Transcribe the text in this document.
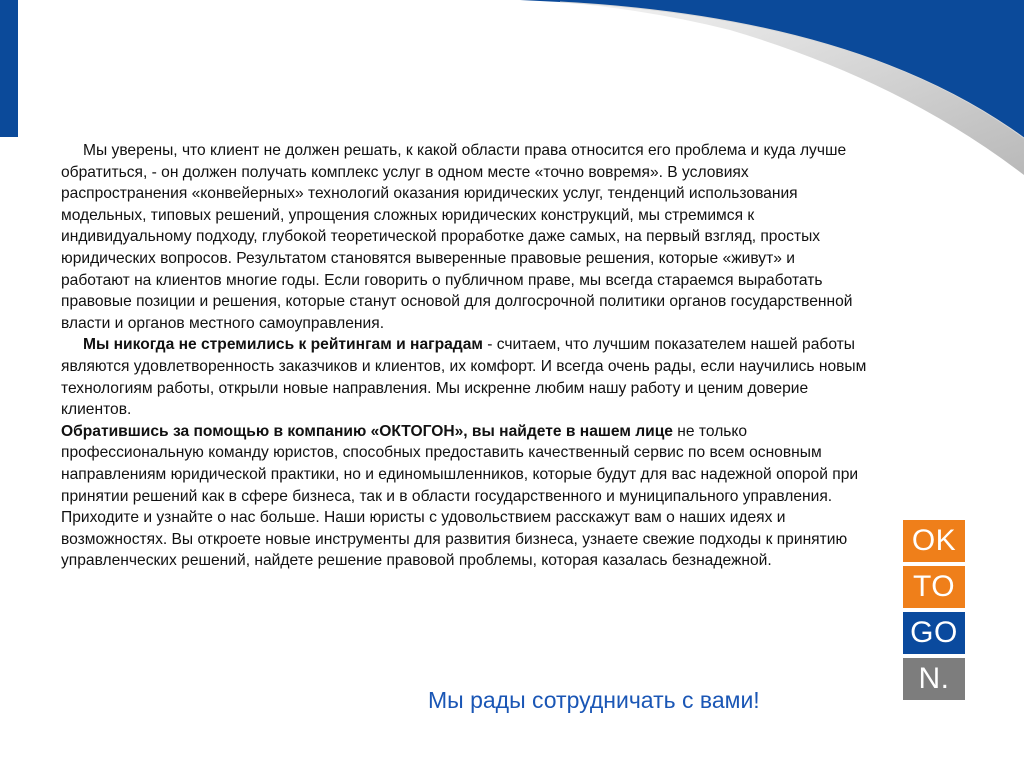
Мы уверены, что клиент не должен решать, к какой области права относится его проблема и куда лучше обратиться, - он должен получать комплекс услуг в одном месте «точно вовремя». В условиях распространения «конвейерных» технологий оказания юридических услуг, тенденций использования модельных, типовых решений, упрощения сложных юридических конструкций, мы стремимся к индивидуальному подходу, глубокой теоретической проработке даже самых, на первый взгляд, простых юридических вопросов. Результатом становятся выверенные правовые решения, которые «живут» и работают на клиентов многие годы. Если говорить о публичном праве, мы всегда стараемся выработать правовые позиции и решения, которые станут основой для долгосрочной политики органов государственной власти и органов местного самоуправления.

Мы никогда не стремились к рейтингам и наградам - считаем, что лучшим показателем нашей работы являются удовлетворенность заказчиков и клиентов, их комфорт. И всегда очень рады, если научились новым технологиям работы, открыли новые направления. Мы искренне любим нашу работу и ценим доверие клиентов.

Обратившись за помощью в компанию «ОКТОГОН», вы найдете в нашем лице не только профессиональную команду юристов, способных предоставить качественный сервис по всем основным направлениям юридической практики, но и единомышленников, которые будут для вас надежной опорой при принятии решений как в сфере бизнеса, так и в области государственного и муниципального управления. Приходите и узнайте о нас больше. Наши юристы с удовольствием расскажут вам о наших идеях и возможностях. Вы откроете новые инструменты для развития бизнеса, узнаете свежие подходы к принятию управленческих решений, найдете решение правовой проблемы, которая казалась безнадежной.

Мы рады сотрудничать с вами!
OK
TO
GO
N.
